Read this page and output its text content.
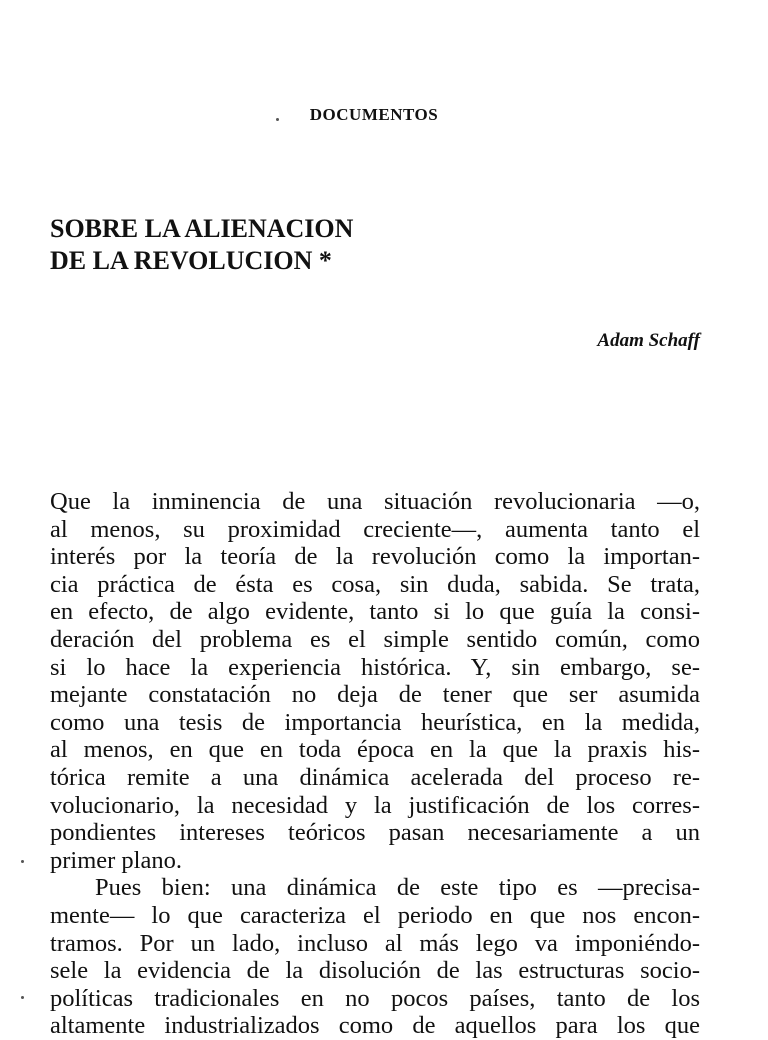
DOCUMENTOS
SOBRE LA ALIENACION
DE LA REVOLUCION *
Adam Schaff
Que la inminencia de una situación revolucionaria —o,
al menos, su proximidad creciente—, aumenta tanto el
interés por la teoría de la revolución como la importan-
cia práctica de ésta es cosa, sin duda, sabida. Se trata,
en efecto, de algo evidente, tanto si lo que guía la consi-
deración del problema es el simple sentido común, como
si lo hace la experiencia histórica. Y, sin embargo, se-
mejante constatación no deja de tener que ser asumida
como una tesis de importancia heurística, en la medida,
al menos, en que en toda época en la que la praxis his-
tórica remite a una dinámica acelerada del proceso re-
volucionario, la necesidad y la justificación de los corres-
pondientes intereses teóricos pasan necesariamente a un
primer plano.
Pues bien: una dinámica de este tipo es —precisa-
mente— lo que caracteriza el periodo en que nos encon-
tramos. Por un lado, incluso al más lego va imponiéndo-
sele la evidencia de la disolución de las estructuras socio-
políticas tradicionales en no pocos países, tanto de los
altamente industrializados como de aquellos para los que
